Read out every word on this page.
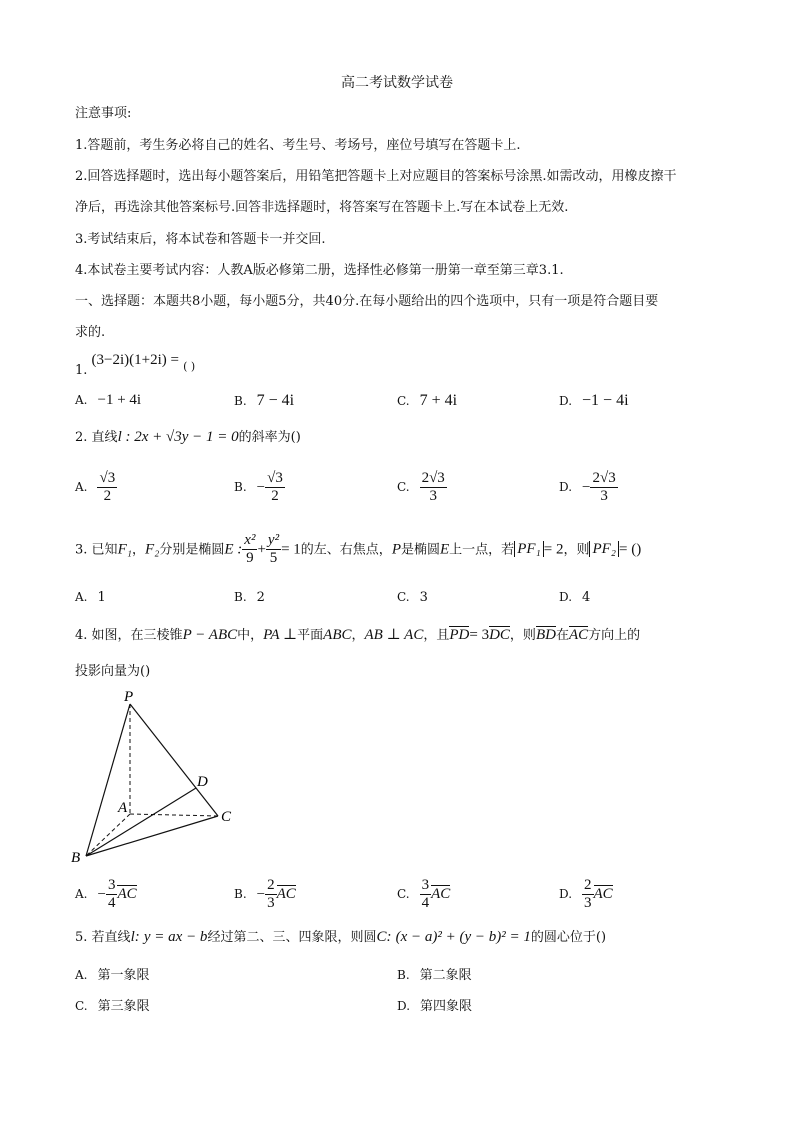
高二考试数学试卷
注意事项:
1.答题前，考生务必将自己的姓名、考生号、考场号，座位号填写在答题卡上.
2.回答选择题时，选出每小题答案后，用铅笔把答题卡上对应题目的答案标号涂黑.如需改动，用橡皮擦干
净后，再选涂其他答案标号.回答非选择题时，将答案写在答题卡上.写在本试卷上无效.
3.考试结束后，将本试卷和答题卡一并交回.
4.本试卷主要考试内容：人教A版必修第二册，选择性必修第一册第一章至第三章3.1.
一、选择题：本题共8小题，每小题5分，共40分.在每小题给出的四个选项中，只有一项是符合题目要
求的.
1. (3−2i)(1+2i) = $_{( )}$
A. −1 + 4i	B. 7 − 4i	C. 7 + 4i	D. −1 − 4i
2. 直线l : 2x + √3y − 1 = 0的斜率为()
A. $\frac{√3}{2}$	B. − $\frac{√3}{2}$	C. $\frac{2√3}{3}$	D. − $\frac{2√3}{3}$
3. 已知F₁，F₂分别是椭圆E : $\frac{\text{x²}}{9} + \frac{\text{y²}}{5} = 1$的左、右焦点，P是椭圆E上一点，若 PF₁ = 2，则 PF₂ = ()
A. 1	B. 2	C. 3	D. 4
4. 如图，在三棱锥P − ABC中，PA ⊥平面ABC，AB ⊥ AC，且PD= 3DC，则BD在AC方向上的
投影向量为()
P
A
B
C
D
A. − $\frac{3}{4}$ AC	B. − $\frac{2}{3}$ AC	C. $\frac{3}{4}$ AC	D. $\frac{2}{3}$ AC
5. 若直线l: y = ax − b经过第二、三、四象限，则圆C: (x − a)² + (y − b)² = 1的圆心位于()
A. 第一象限	B. 第二象限
C. 第三象限	D. 第四象限
